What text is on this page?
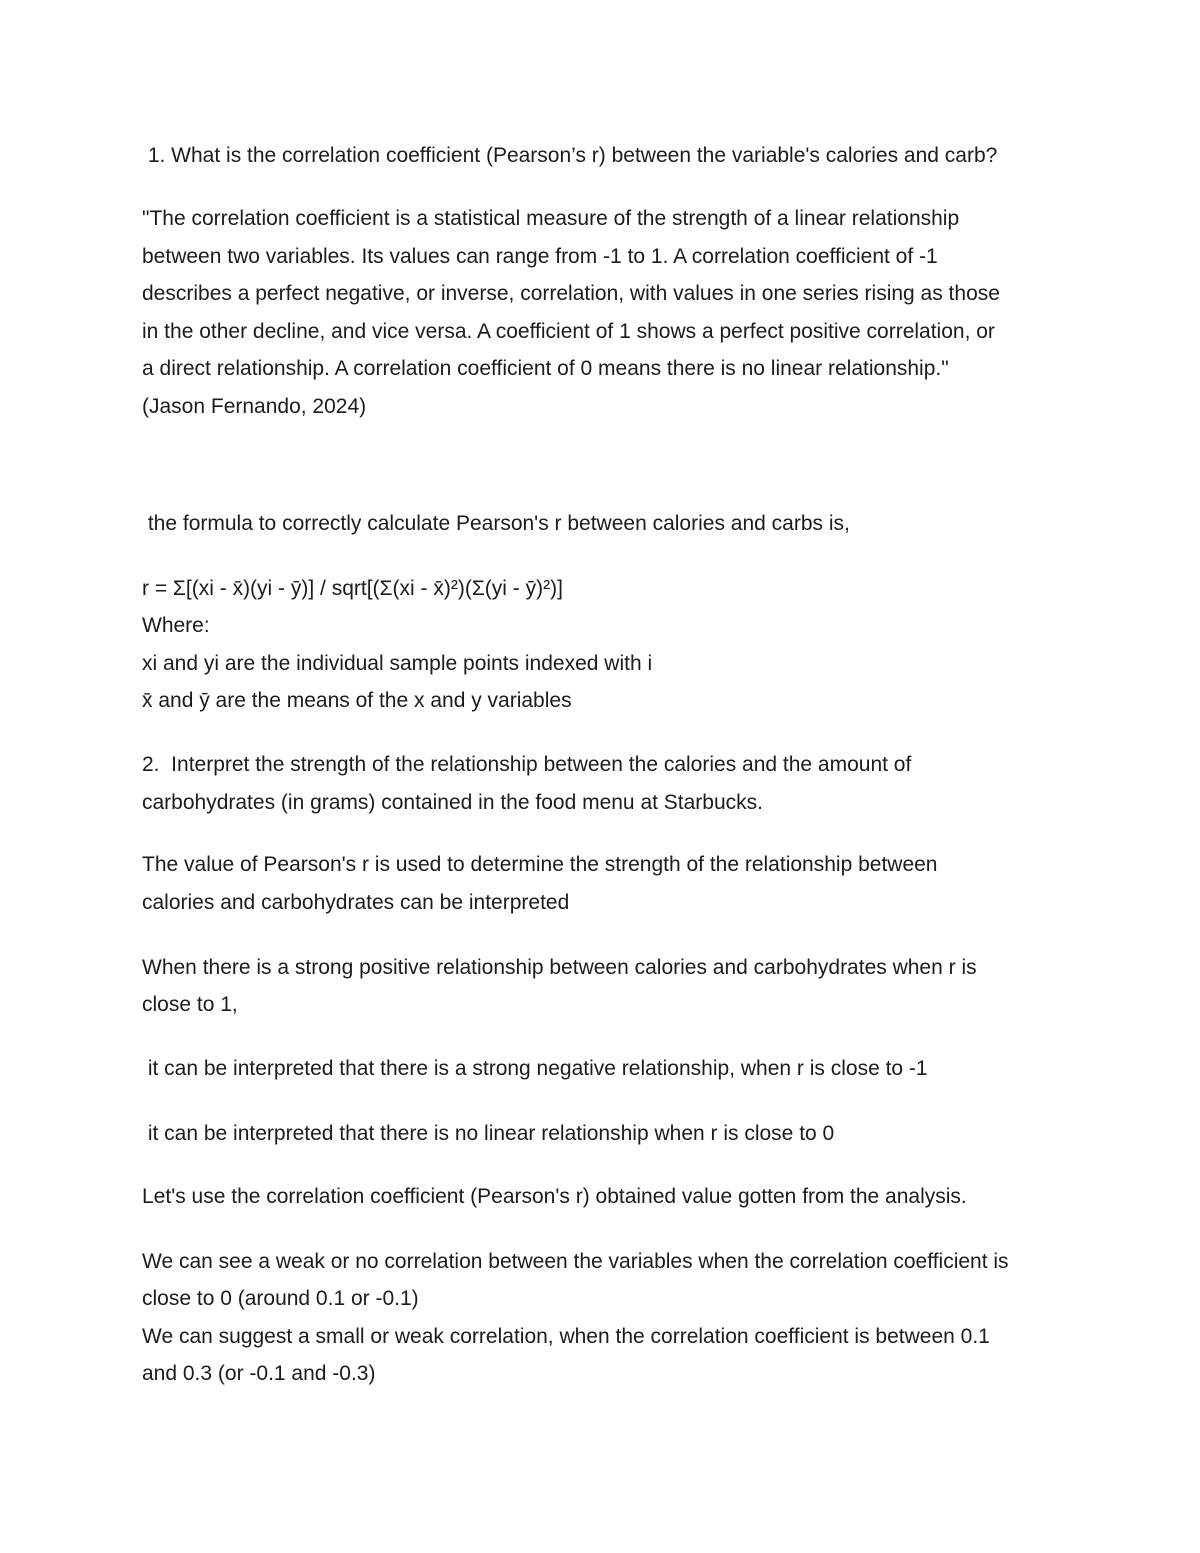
1. What is the correlation coefficient (Pearson’s r) between the variable's calories and carb?

"The correlation coefficient is a statistical measure of the strength of a linear relationship

between two variables. Its values can range from -1 to 1. A correlation coefficient of -1

describes a perfect negative, or inverse, correlation, with values in one series rising as those

in the other decline, and vice versa. A coefficient of 1 shows a perfect positive correlation, or

a direct relationship. A correlation coefficient of 0 means there is no linear relationship."

(Jason Fernando, 2024)

the formula to correctly calculate Pearson's r between calories and carbs is,

r = Σ[(xi - x̄)(yi - ȳ)] / sqrt[(Σ(xi - x̄)²)(Σ(yi - ȳ)²)]

Where:

xi and yi are the individual sample points indexed with i

x̄ and ȳ are the means of the x and y variables

2.  Interpret the strength of the relationship between the calories and the amount of

carbohydrates (in grams) contained in the food menu at Starbucks.

The value of Pearson's r is used to determine the strength of the relationship between

calories and carbohydrates can be interpreted

When there is a strong positive relationship between calories and carbohydrates when r is

close to 1,

it can be interpreted that there is a strong negative relationship, when r is close to -1

it can be interpreted that there is no linear relationship when r is close to 0

Let's use the correlation coefficient (Pearson's r) obtained value gotten from the analysis.

We can see a weak or no correlation between the variables when the correlation coefficient is

close to 0 (around 0.1 or -0.1)

We can suggest a small or weak correlation, when the correlation coefficient is between 0.1

and 0.3 (or -0.1 and -0.3)
